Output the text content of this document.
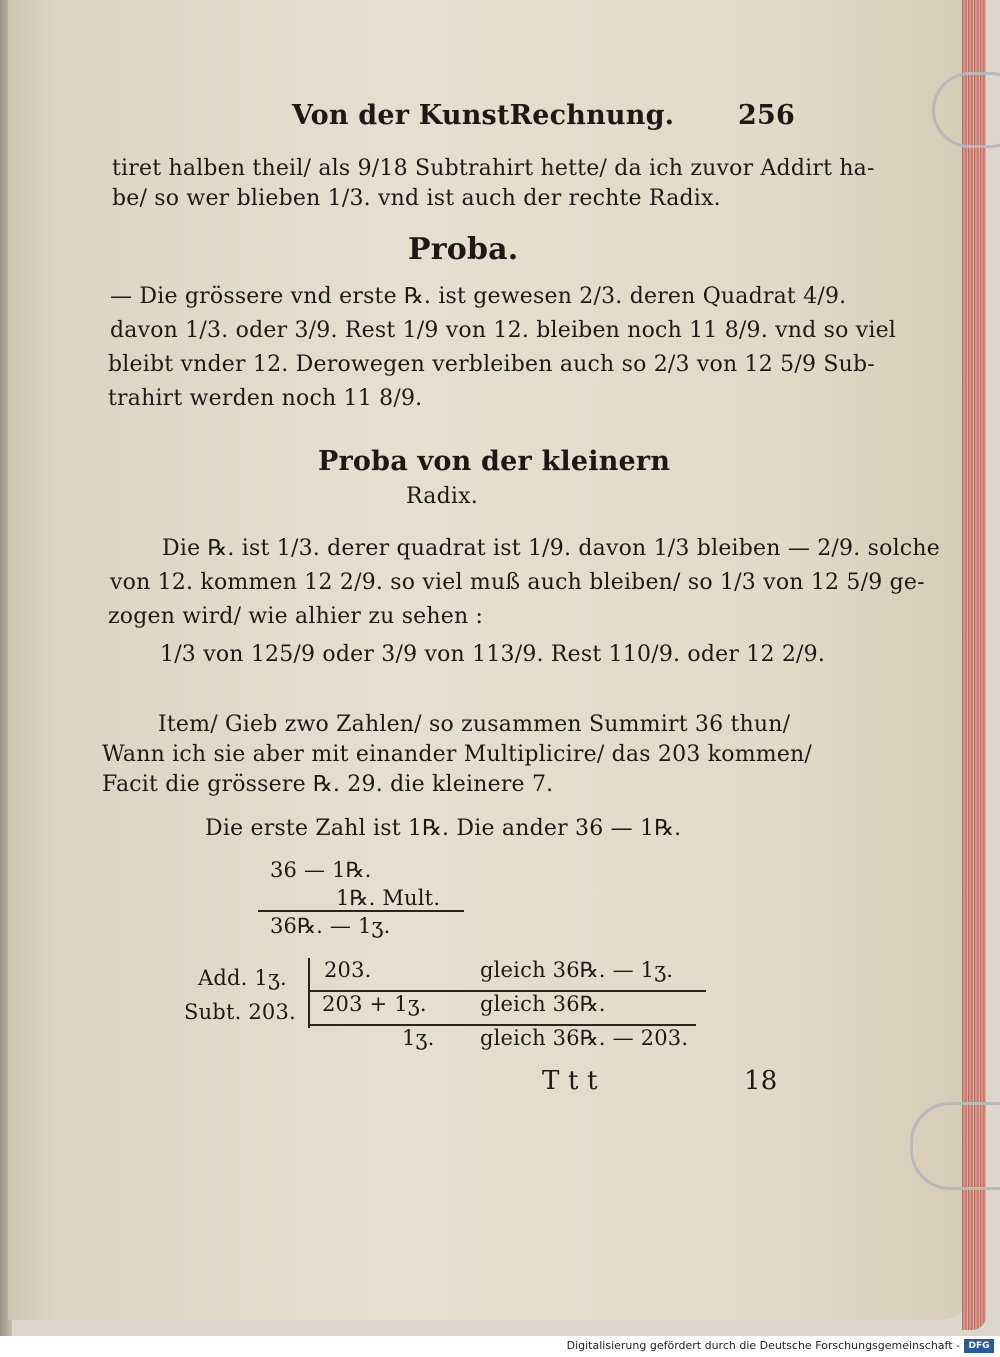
Von der KunstRechnung. 256
tiret halben theil/ als 9/18 Subtrahirt hette/ da ich zuvor Addirt ha-
be/ so wer blieben 1/3. vnd ist auch der rechte Radix.
Proba.
— Die grössere vnd erste ℞. ist gewesen 2/3. deren Quadrat 4/9.
davon 1/3. oder 3/9. Rest 1/9 von 12. bleiben noch 11 8/9. vnd so viel
bleibt vnder 12. Derowegen verbleiben auch so 2/3 von 12 5/9 Sub-
trahirt werden noch 11 8/9.
Proba von der kleinern
Radix.
Die ℞. ist 1/3. derer quadrat ist 1/9. davon 1/3 bleiben — 2/9. solche
von 12. kommen 12 2/9. so viel muß auch bleiben/ so 1/3 von 12 5/9 ge-
zogen wird/ wie alhier zu sehen :
1/3 von 125/9 oder 3/9 von 113/9. Rest 110/9. oder 12 2/9.
Item/ Gieb zwo Zahlen/ so zusammen Summirt 36 thun/
Wann ich sie aber mit einander Multiplicire/ das 203 kommen/
Facit die grössere ℞. 29. die kleinere 7.
Die erste Zahl ist 1℞. Die ander 36 — 1℞.
36 — 1℞.
1℞. Mult.
36℞. — 1ʒ.
Add. 1ʒ.
Subt. 203.
203.	gleich 36℞. — 1ʒ.
203 + 1ʒ.	gleich 36℞.
1ʒ. gleich 36℞. — 203.
T t t	18
Digitalisierung gefördert durch die Deutsche Forschungsgemeinschaft - DFG
